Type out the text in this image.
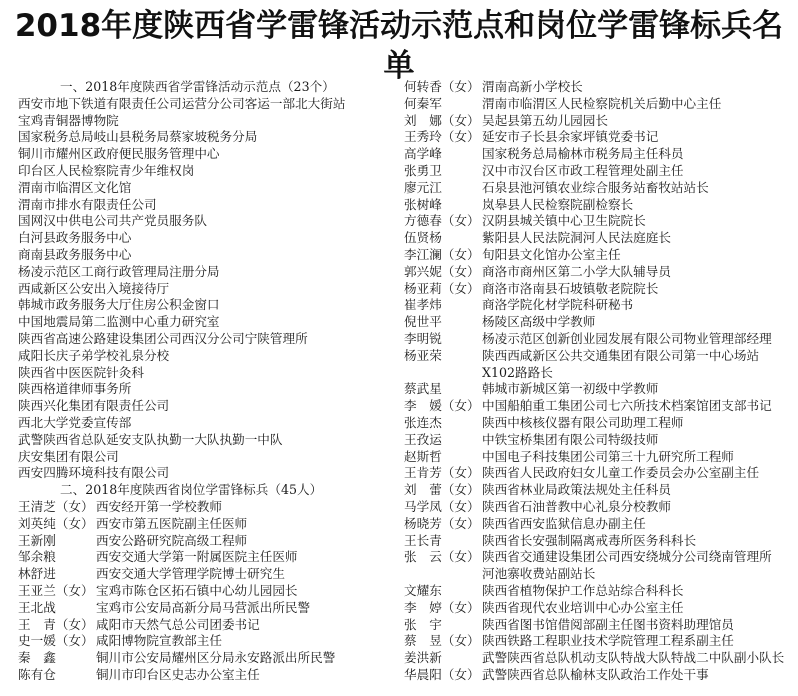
2018年度陕西省学雷锋活动示范点和岗位学雷锋标兵名单
一、2018年度陕西省学雷锋活动示范点（23个）
西安市地下铁道有限责任公司运营分公司客运一部北大街站
宝鸡青铜器博物院
国家税务总局岐山县税务局蔡家坡税务分局
铜川市耀州区政府便民服务管理中心
印台区人民检察院青少年维权岗
渭南市临渭区文化馆
渭南市排水有限责任公司
国网汉中供电公司共产党员服务队
白河县政务服务中心
商南县政务服务中心
杨凌示范区工商行政管理局注册分局
西咸新区公安出入境接待厅
韩城市政务服务大厅住房公积金窗口
中国地震局第二监测中心重力研究室
陕西省高速公路建设集团公司西汉分公司宁陕管理所
咸阳长庆子弟学校礼泉分校
陕西省中医医院针灸科
陕西格道律师事务所
陕西兴化集团有限责任公司
西北大学党委宣传部
武警陕西省总队延安支队执勤一大队执勤一中队
庆安集团有限公司
西安四腾环境科技有限公司
二、2018年度陕西省岗位学雷锋标兵（45人）
王清芝（女） 西安经开第一学校教师
刘英纯（女） 西安市第五医院副主任医师
王新刚	西安公路研究院高级工程师
邹余粮	西安交通大学第一附属医院主任医师
林舒进	西安交通大学管理学院博士研究生
王亚兰（女） 宝鸡市陈仓区拓石镇中心幼儿园园长
王北战	宝鸡市公安局高新分局马营派出所民警
王　青（女） 咸阳市天然气总公司团委书记
史一媛（女） 咸阳博物院宣教部主任
秦　鑫	铜川市公安局耀州区分局永安路派出所民警
陈有仓	铜川市印台区史志办公室主任
何转香（女） 渭南高新小学校长
何秦军	渭南市临渭区人民检察院机关后勤中心主任
刘　娜（女） 吴起县第五幼儿园园长
王秀玲（女） 延安市子长县余家坪镇党委书记
高学峰	国家税务总局榆林市税务局主任科员
张勇卫	汉中市汉台区市政工程管理处副主任
廖元江	石泉县池河镇农业综合服务站畜牧站站长
张树峰	岚皋县人民检察院副检察长
方德春（女） 汉阴县城关镇中心卫生院院长
伍贤杨	紫阳县人民法院洞河人民法庭庭长
李江澜（女） 旬阳县文化馆办公室主任
郭兴妮（女） 商洛市商州区第二小学大队辅导员
杨亚莉（女） 商洛市洛南县石坡镇敬老院院长
崔孝炜	商洛学院化材学院科研秘书
倪世平	杨陵区高级中学教师
李明锐	杨凌示范区创新创业园发展有限公司物业管理部经理
杨亚荣	陕西西咸新区公共交通集团有限公司第一中心场站
X102路路长
蔡武星	韩城市新城区第一初级中学教师
李　媛（女） 中国船舶重工集团公司七六所技术档案馆团支部书记
张连杰	陕西中核核仪器有限公司助理工程师
王孜运	中铁宝桥集团有限公司特级技师
赵斯哲	中国电子科技集团公司第三十九研究所工程师
王肯芳（女） 陕西省人民政府妇女儿童工作委员会办公室副主任
刘　蕾（女） 陕西省林业局政策法规处主任科员
马学凤（女） 陕西省石油普教中心礼泉分校教师
杨晓芳（女） 陕西省西安监狱信息办副主任
王长青	陕西省长安强制隔离戒毒所医务科科长
张　云（女） 陕西省交通建设集团公司西安绕城分公司绕南管理所
河池寨收费站副站长
文耀东	陕西省植物保护工作总站综合科科长
李　婷（女） 陕西省现代农业培训中心办公室主任
张　宇	陕西省图书馆借阅部副主任图书资料助理馆员
蔡　昱（女） 陕西铁路工程职业技术学院管理工程系副主任
姜洪新	武警陕西省总队机动支队特战大队特战二中队副小队长
华晨阳（女） 武警陕西省总队榆林支队政治工作处干事
